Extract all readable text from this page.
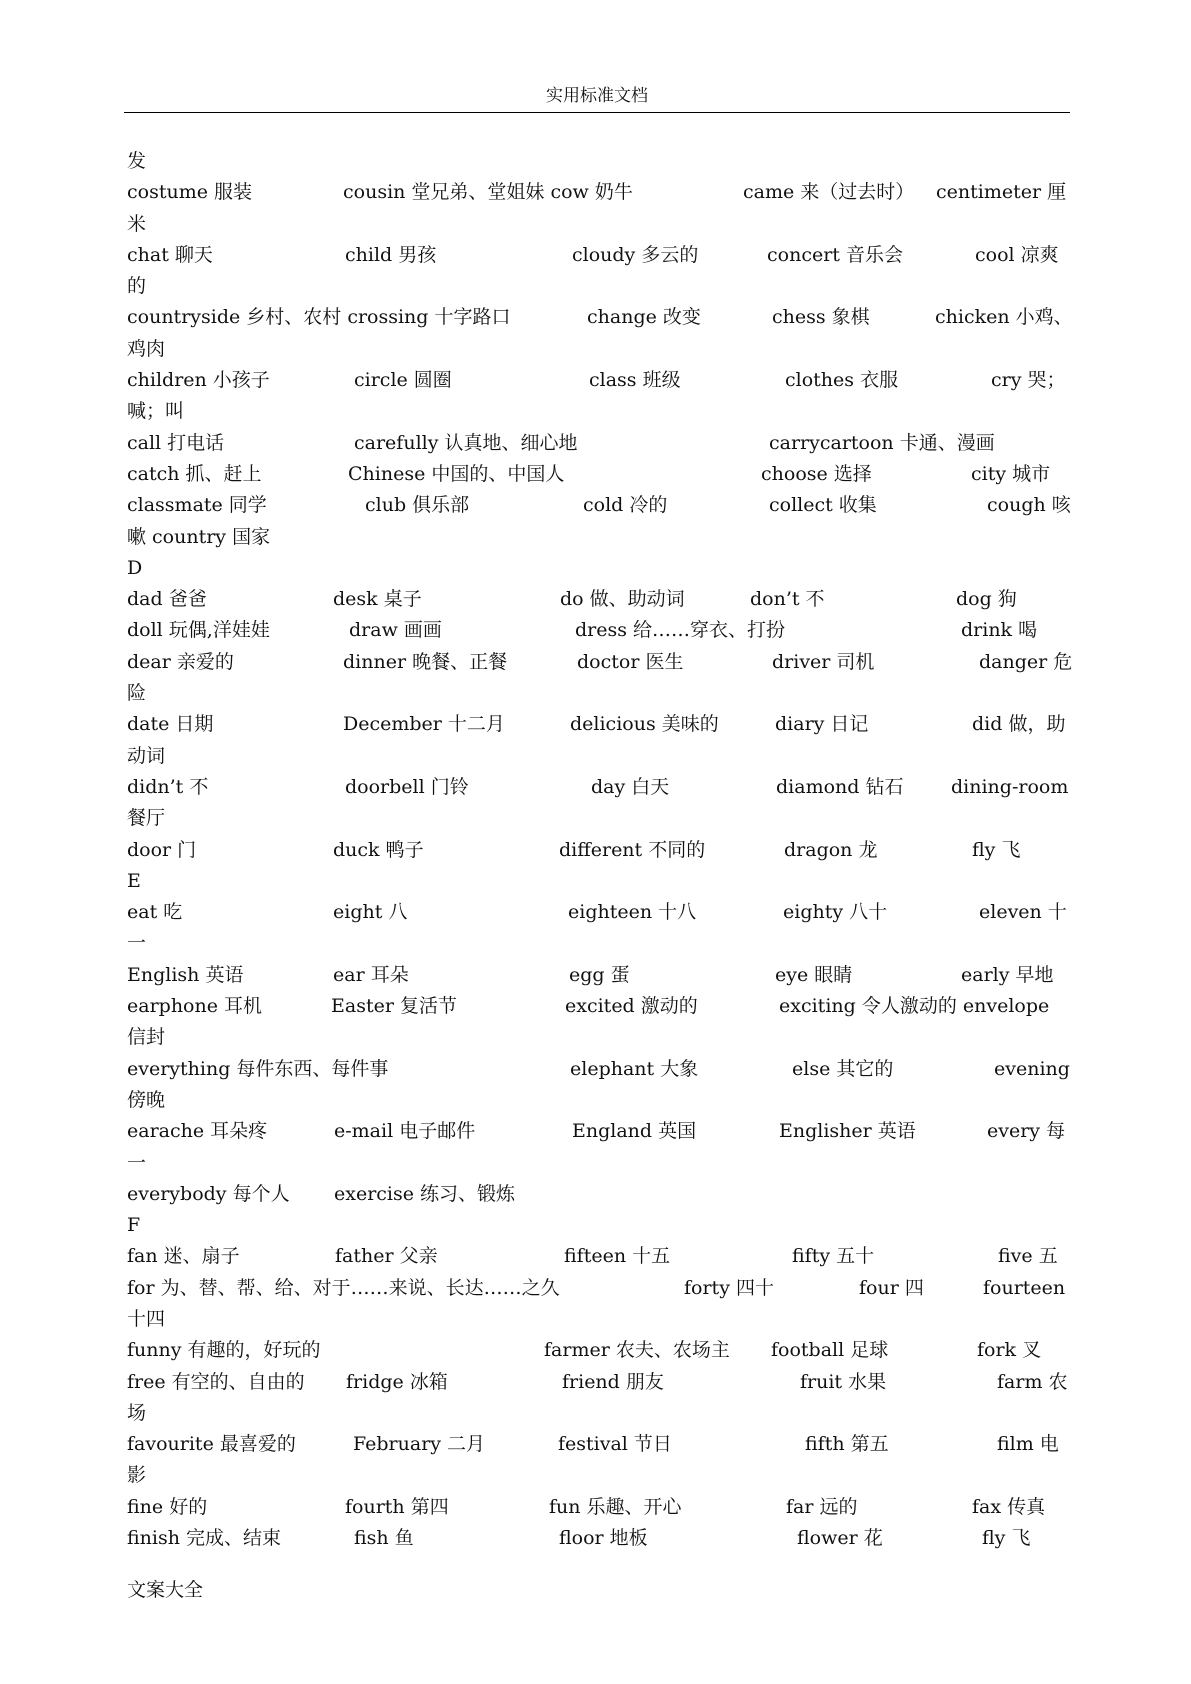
实用标准文档
发
costume 服装	cousin 堂兄弟、堂姐妹 cow 奶牛	came 来（过去时） centimeter 厘
米
chat 聊天	child 男孩	cloudy 多云的	concert 音乐会	cool 凉爽
的
countryside 乡村、农村 crossing 十字路口	change 改变	chess 象棋	chicken 小鸡、
鸡肉
children 小孩子	circle 圆圈	class 班级	clothes 衣服	cry 哭；
喊；叫
call 打电话	carefully 认真地、细心地	carrycartoon 卡通、漫画
catch 抓、赶上	Chinese 中国的、中国人	choose 选择	city 城市
classmate 同学	club 俱乐部	cold 冷的	collect 收集	cough 咳
嗽 country 国家
D
dad 爸爸	desk 桌子	do 做、助动词	don’t 不	dog 狗
doll 玩偶,洋娃娃	draw 画画	dress 给……穿衣、打扮	drink 喝
dear 亲爱的	dinner 晚餐、正餐	doctor 医生	driver 司机	danger 危
险
date 日期	December 十二月	delicious 美味的	diary 日记	did 做，助
动词
didn’t 不	doorbell 门铃	day 白天	diamond 钻石	dining-room
餐厅
door 门	duck 鸭子	different 不同的	dragon 龙	fly 飞
E
eat 吃	eight 八	eighteen 十八	eighty 八十	eleven 十
一
English 英语	ear 耳朵	egg 蛋	eye 眼睛	early 早地
earphone 耳机	Easter 复活节	excited 激动的	exciting 令人激动的 envelope
信封
everything 每件东西、每件事	elephant 大象	else 其它的	evening
傍晚
earache 耳朵疼	e-mail 电子邮件	England 英国	Englisher 英语	every 每
一
everybody 每个人 exercise 练习、锻炼
F
fan 迷、扇子	father 父亲	fifteen 十五	fifty 五十	five 五
for 为、替、帮、给、对于……来说、长达……之久	forty 四十	four 四	fourteen
十四
funny 有趣的，好玩的	farmer 农夫、农场主 football 足球	fork 叉
free 有空的、自由的 fridge 冰箱	friend 朋友	fruit 水果	farm 农
场
favourite 最喜爱的	February 二月	festival 节日	fifth 第五	film 电
影
fine 好的	fourth 第四	fun 乐趣、开心	far 远的	fax 传真
finish 完成、结束	fish 鱼	floor 地板	flower 花	fly 飞
文案大全
